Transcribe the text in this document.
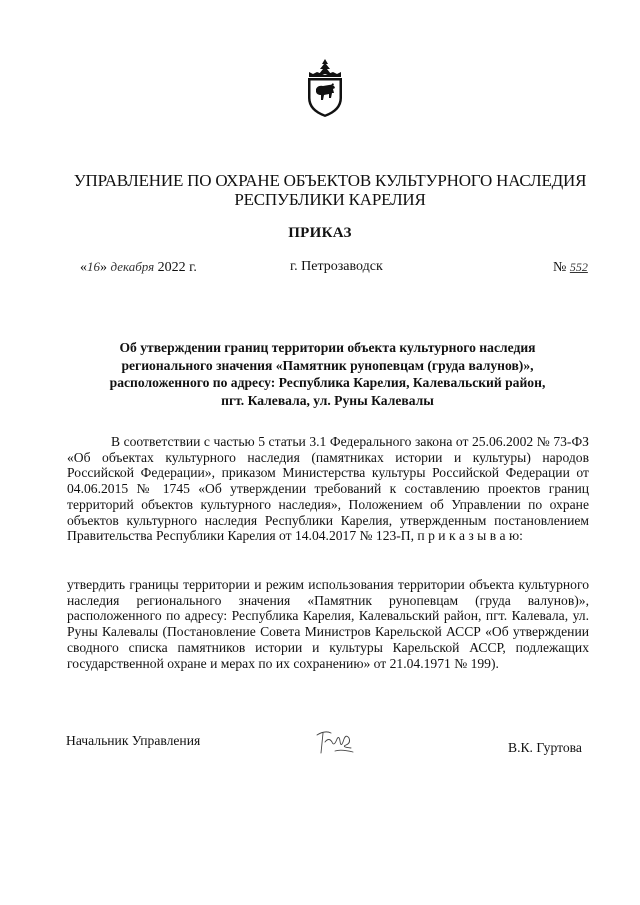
УПРАВЛЕНИЕ ПО ОХРАНЕ ОБЪЕКТОВ КУЛЬТУРНОГО НАСЛЕДИЯ
РЕСПУБЛИКИ КАРЕЛИЯ
ПРИКАЗ
«16» декабря 2022 г.	г. Петрозаводск	№ 552
Об утверждении границ территории объекта культурного наследия
регионального значения «Памятник рунопевцам (груда валунов)»,
расположенного по адресу: Республика Карелия, Калевальский район,
пгт. Калевала, ул. Руны Калевалы
В соответствии с частью 5 статьи 3.1 Федерального закона от 25.06.2002 № 73-ФЗ «Об объектах культурного наследия (памятниках истории и культуры) народов Российской Федерации», приказом Министерства культуры Российской Федерации от 04.06.2015 № 1745 «Об утверждении требований к составлению проектов границ территорий объектов культурного наследия», Положением об Управлении по охране объектов культурного наследия Республики Карелия, утвержденным постановлением Правительства Республики Карелия от 14.04.2017 № 123-П, п р и к а з ы в а ю:
утвердить границы территории и режим использования территории объекта культурного наследия регионального значения «Памятник рунопевцам (груда валунов)», расположенного по адресу: Республика Карелия, Калевальский район, пгт. Калевала, ул. Руны Калевалы (Постановление Совета Министров Карельской АССР «Об утверждении сводного списка памятников истории и культуры Карельской АССР, подлежащих государственной охране и мерах по их сохранению» от 21.04.1971 № 199).
Начальник Управления	В.К. Гуртова
